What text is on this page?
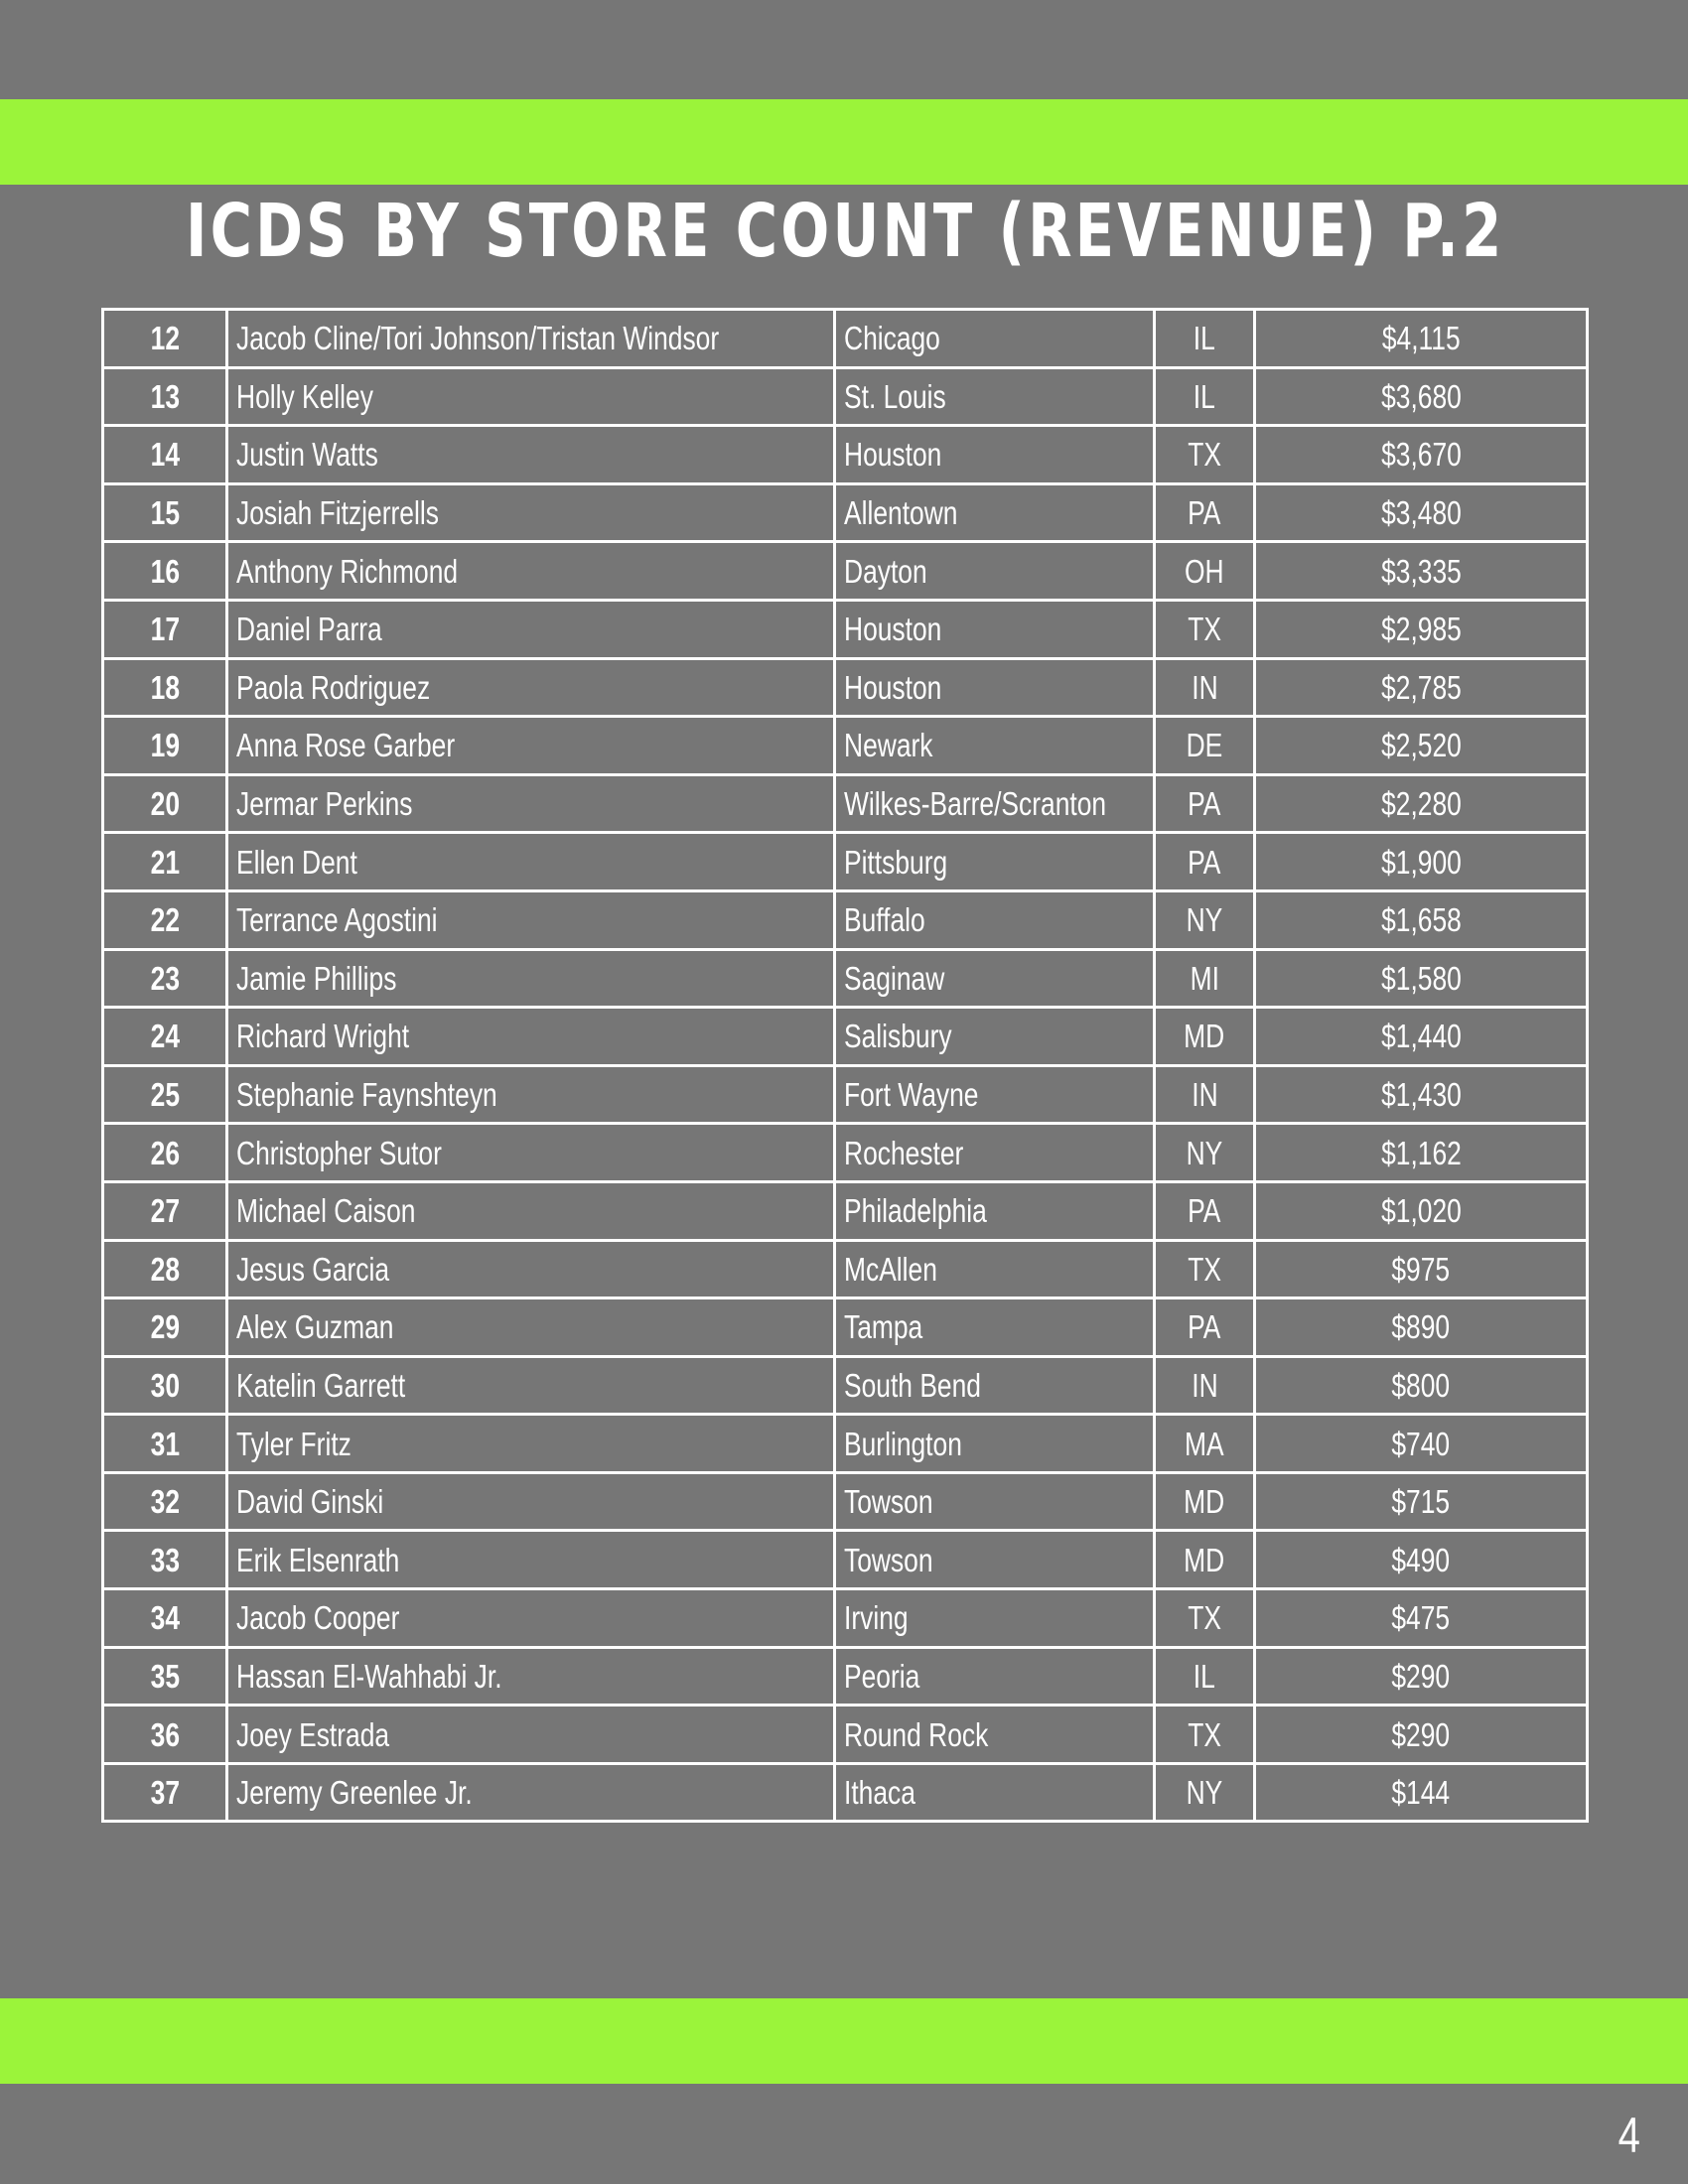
ICDS BY STORE COUNT (REVENUE) P.2
12	Jacob Cline/Tori Johnson/Tristan Windsor	Chicago	IL	$4,115
13	Holly Kelley	St. Louis	IL	$3,680
14	Justin Watts	Houston	TX	$3,670
15	Josiah Fitzjerrells	Allentown	PA	$3,480
16	Anthony Richmond	Dayton	OH	$3,335
17	Daniel Parra	Houston	TX	$2,985
18	Paola Rodriguez	Houston	IN	$2,785
19	Anna Rose Garber	Newark	DE	$2,520
20	Jermar Perkins	Wilkes-Barre/Scranton	PA	$2,280
21	Ellen Dent	Pittsburg	PA	$1,900
22	Terrance Agostini	Buffalo	NY	$1,658
23	Jamie Phillips	Saginaw	MI	$1,580
24	Richard Wright	Salisbury	MD	$1,440
25	Stephanie Faynshteyn	Fort Wayne	IN	$1,430
26	Christopher Sutor	Rochester	NY	$1,162
27	Michael Caison	Philadelphia	PA	$1,020
28	Jesus Garcia	McAllen	TX	$975
29	Alex Guzman	Tampa	PA	$890
30	Katelin Garrett	South Bend	IN	$800
31	Tyler Fritz	Burlington	MA	$740
32	David Ginski	Towson	MD	$715
33	Erik Elsenrath	Towson	MD	$490
34	Jacob Cooper	Irving	TX	$475
35	Hassan El-Wahhabi Jr.	Peoria	IL	$290
36	Joey Estrada	Round Rock	TX	$290
37	Jeremy Greenlee Jr.	Ithaca	NY	$144
4
